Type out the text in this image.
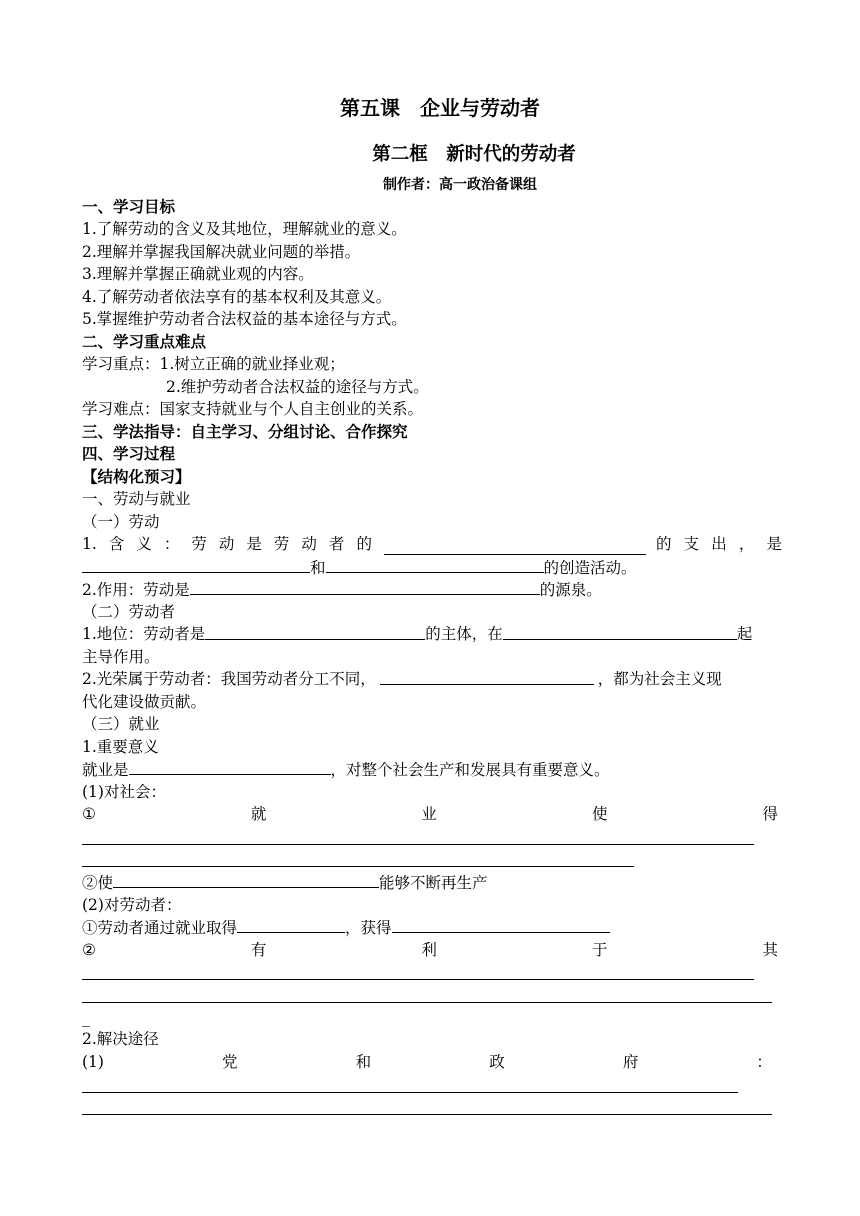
第五课　企业与劳动者
第二框　新时代的劳动者
制作者：高一政治备课组
一、学习目标
1.了解劳动的含义及其地位，理解就业的意义。
2.理解并掌握我国解决就业问题的举措。
3.理解并掌握正确就业观的内容。
4.了解劳动者依法享有的基本权利及其意义。
5.掌握维护劳动者合法权益的基本途径与方式。
二、学习重点难点
学习重点：1.树立正确的就业择业观；
2.维护劳动者合法权益的途径与方式。
学习难点：国家支持就业与个人自主创业的关系。
三、学法指导：自主学习、分组讨论、合作探究
四、学习过程
【结构化预习】
一、劳动与就业
（一）劳动
1. 含 义 ： 劳 动 是 劳 动 者 的	的 支 出 ， 是
和	的创造活动。
2.作用：劳动是	的源泉。
（二）劳动者
1.地位：劳动者是	的主体，在	起
主导作用。
2.光荣属于劳动者：我国劳动者分工不同，	，都为社会主义现
代化建设做贡献。
（三）就业
1.重要意义
就业是	，对整个社会生产和发展具有重要意义。
(1)对社会：
①	就	业	使	得
②使	能够不断再生产
(2)对劳动者：
①劳动者通过就业取得	，获得
②	有	利	于	其
_
2.解决途径
(1)	党	和	政	府	：
